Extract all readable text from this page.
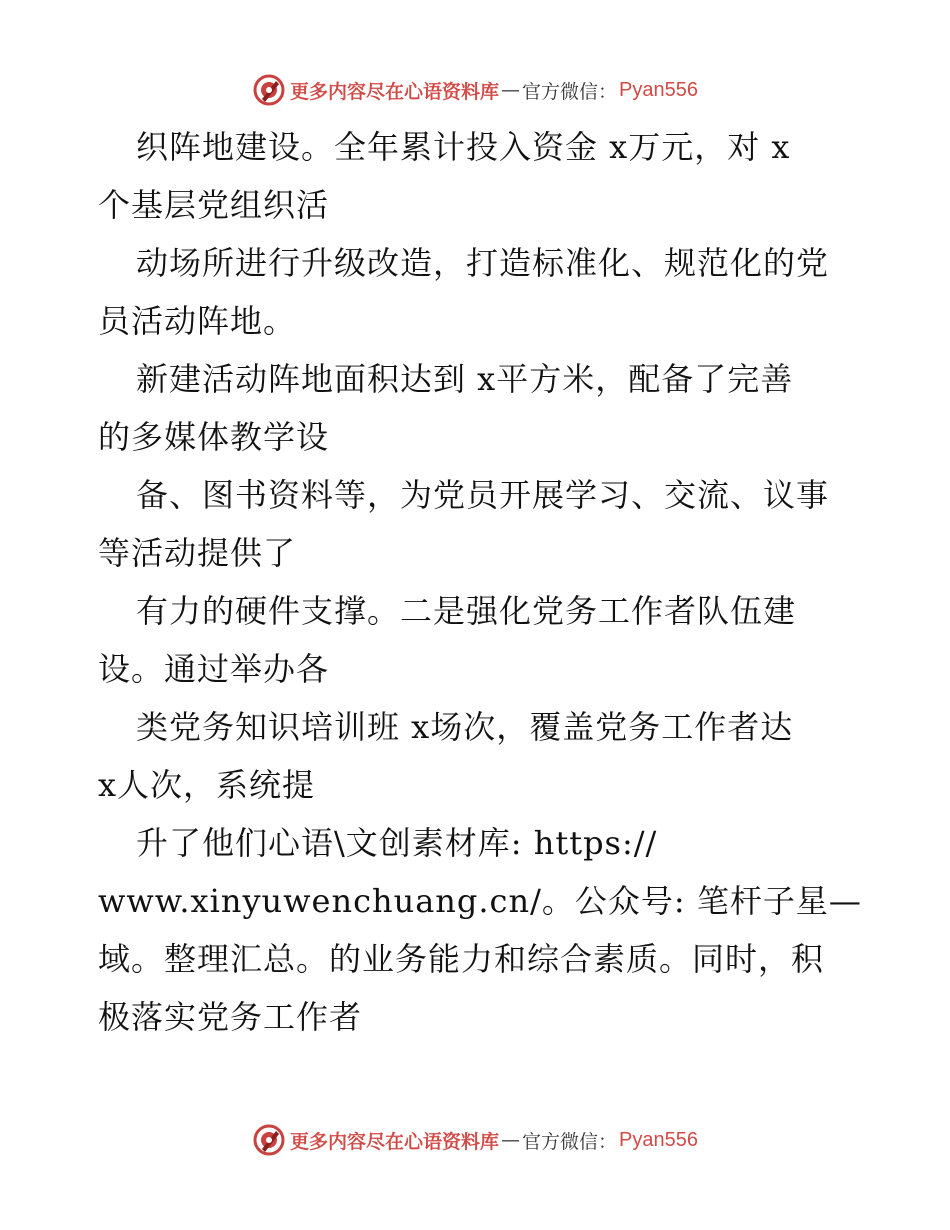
更多内容尽在心语资料库 — 官方微信： Pyan556
织阵地建设。全年累计投入资金 x万元，对 x
个基层党组织活
动场所进行升级改造，打造标准化、规范化的党
员活动阵地。
新建活动阵地面积达到 x平方米，配备了完善
的多媒体教学设
备、图书资料等，为党员开展学习、交流、议事
等活动提供了
有力的硬件支撑。二是强化党务工作者队伍建
设。通过举办各
类党务知识培训班 x场次，覆盖党务工作者达
x人次，系统提
升了他们心语\文创素材库: https://
www.xinyuwenchuang.cn/。公众号: 笔杆子星—
域。整理汇总。的业务能力和综合素质。同时，积
极落实党务工作者
更多内容尽在心语资料库 — 官方微信： Pyan556
